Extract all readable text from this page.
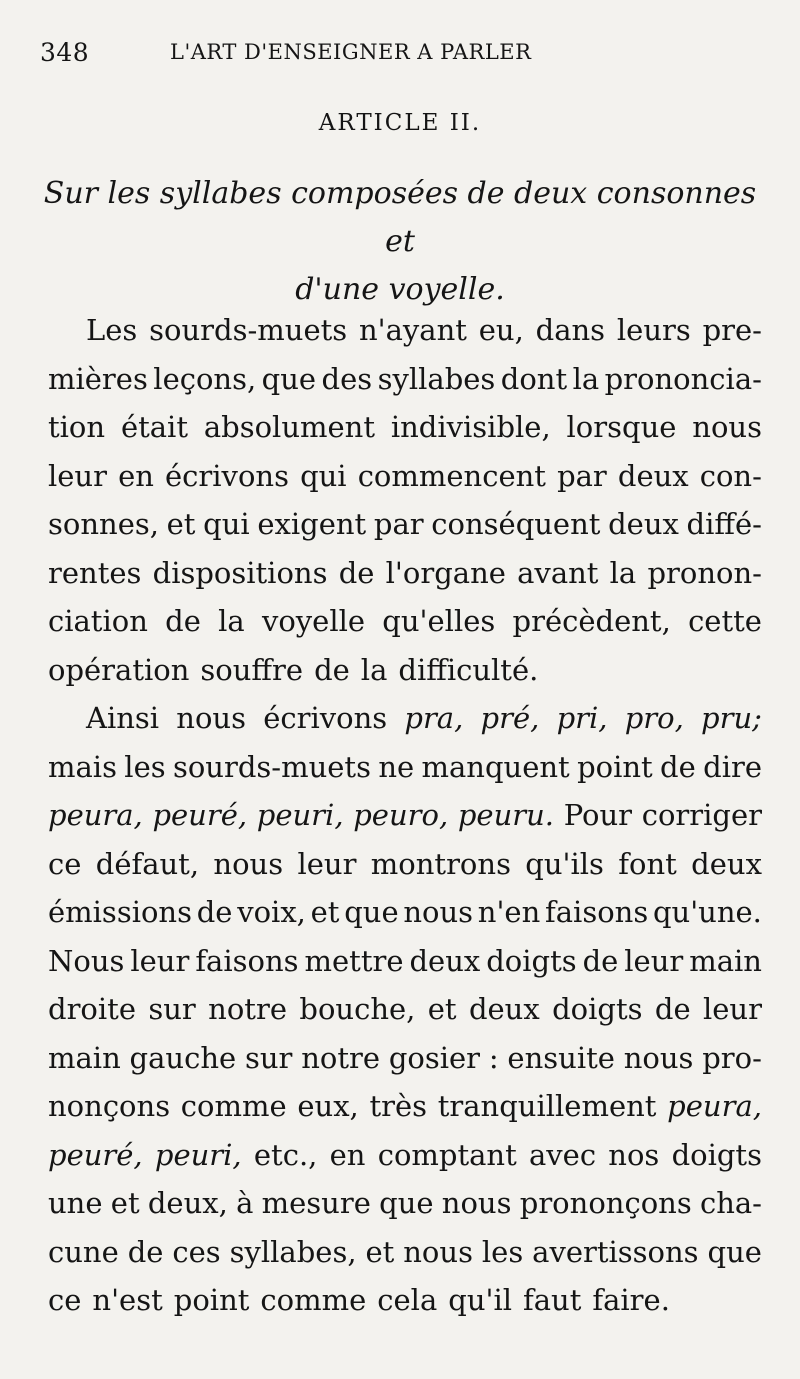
348	L'ART D'ENSEIGNER A PARLER
ARTICLE II.
Sur les syllabes composées de deux consonnes et
d'une voyelle.
Les sourds-muets n'ayant eu, dans leurs pre-
mières leçons, que des syllabes dont la prononcia-
tion était absolument indivisible, lorsque nous
leur en écrivons qui commencent par deux con-
sonnes, et qui exigent par conséquent deux diffé-
rentes dispositions de l'organe avant la pronon-
ciation de la voyelle qu'elles précèdent, cette
opération souffre de la difficulté.
Ainsi nous écrivons pra, pré, pri, pro, pru;
mais les sourds-muets ne manquent point de dire
peura, peuré, peuri, peuro, peuru. Pour corriger
ce défaut, nous leur montrons qu'ils font deux
émissions de voix, et que nous n'en faisons qu'une.
Nous leur faisons mettre deux doigts de leur main
droite sur notre bouche, et deux doigts de leur
main gauche sur notre gosier : ensuite nous pro-
nonçons comme eux, très tranquillement peura,
peuré, peuri, etc., en comptant avec nos doigts
une et deux, à mesure que nous prononçons cha-
cune de ces syllabes, et nous les avertissons que
ce n'est point comme cela qu'il faut faire.
